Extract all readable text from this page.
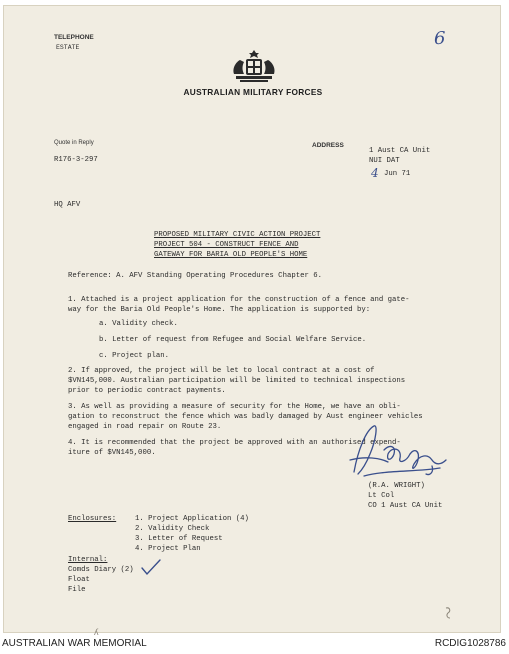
TELEPHONE
ESTATE	6
AUSTRALIAN MILITARY FORCES
Quote in Reply
R176-3-297
ADDRESS
1 Aust CA Unit
NUI DAT
4 Jun 71
HQ AFV
PROPOSED MILITARY CIVIC ACTION PROJECT
PROJECT 504 - CONSTRUCT FENCE AND
GATEWAY FOR BARIA OLD PEOPLE'S HOME
Reference: A. AFV Standing Operating Procedures Chapter 6.
1. Attached is a project application for the construction of a fence and gate-
way for the Baria Old People's Home. The application is supported by:
a. Validity check.
b. Letter of request from Refugee and Social Welfare Service.
c. Project plan.
2. If approved, the project will be let to local contract at a cost of
$VN145,000. Australian participation will be limited to technical inspections
prior to periodic contract payments.
3. As well as providing a measure of security for the Home, we have an obli-
gation to reconstruct the fence which was badly damaged by Aust engineer vehicles
engaged in road repair on Route 23.
4. It is recommended that the project be approved with an authorised expend-
iture of $VN145,000.
(R.A. WRIGHT)
Lt Col
CO 1 Aust CA Unit
Enclosures:	1. Project Application (4)
2. Validity Check
3. Letter of Request
4. Project Plan
Internal:
Comds Diary (2)
Float
File
AUSTRALIAN WAR MEMORIAL
ʎ
RCDIG1028786
